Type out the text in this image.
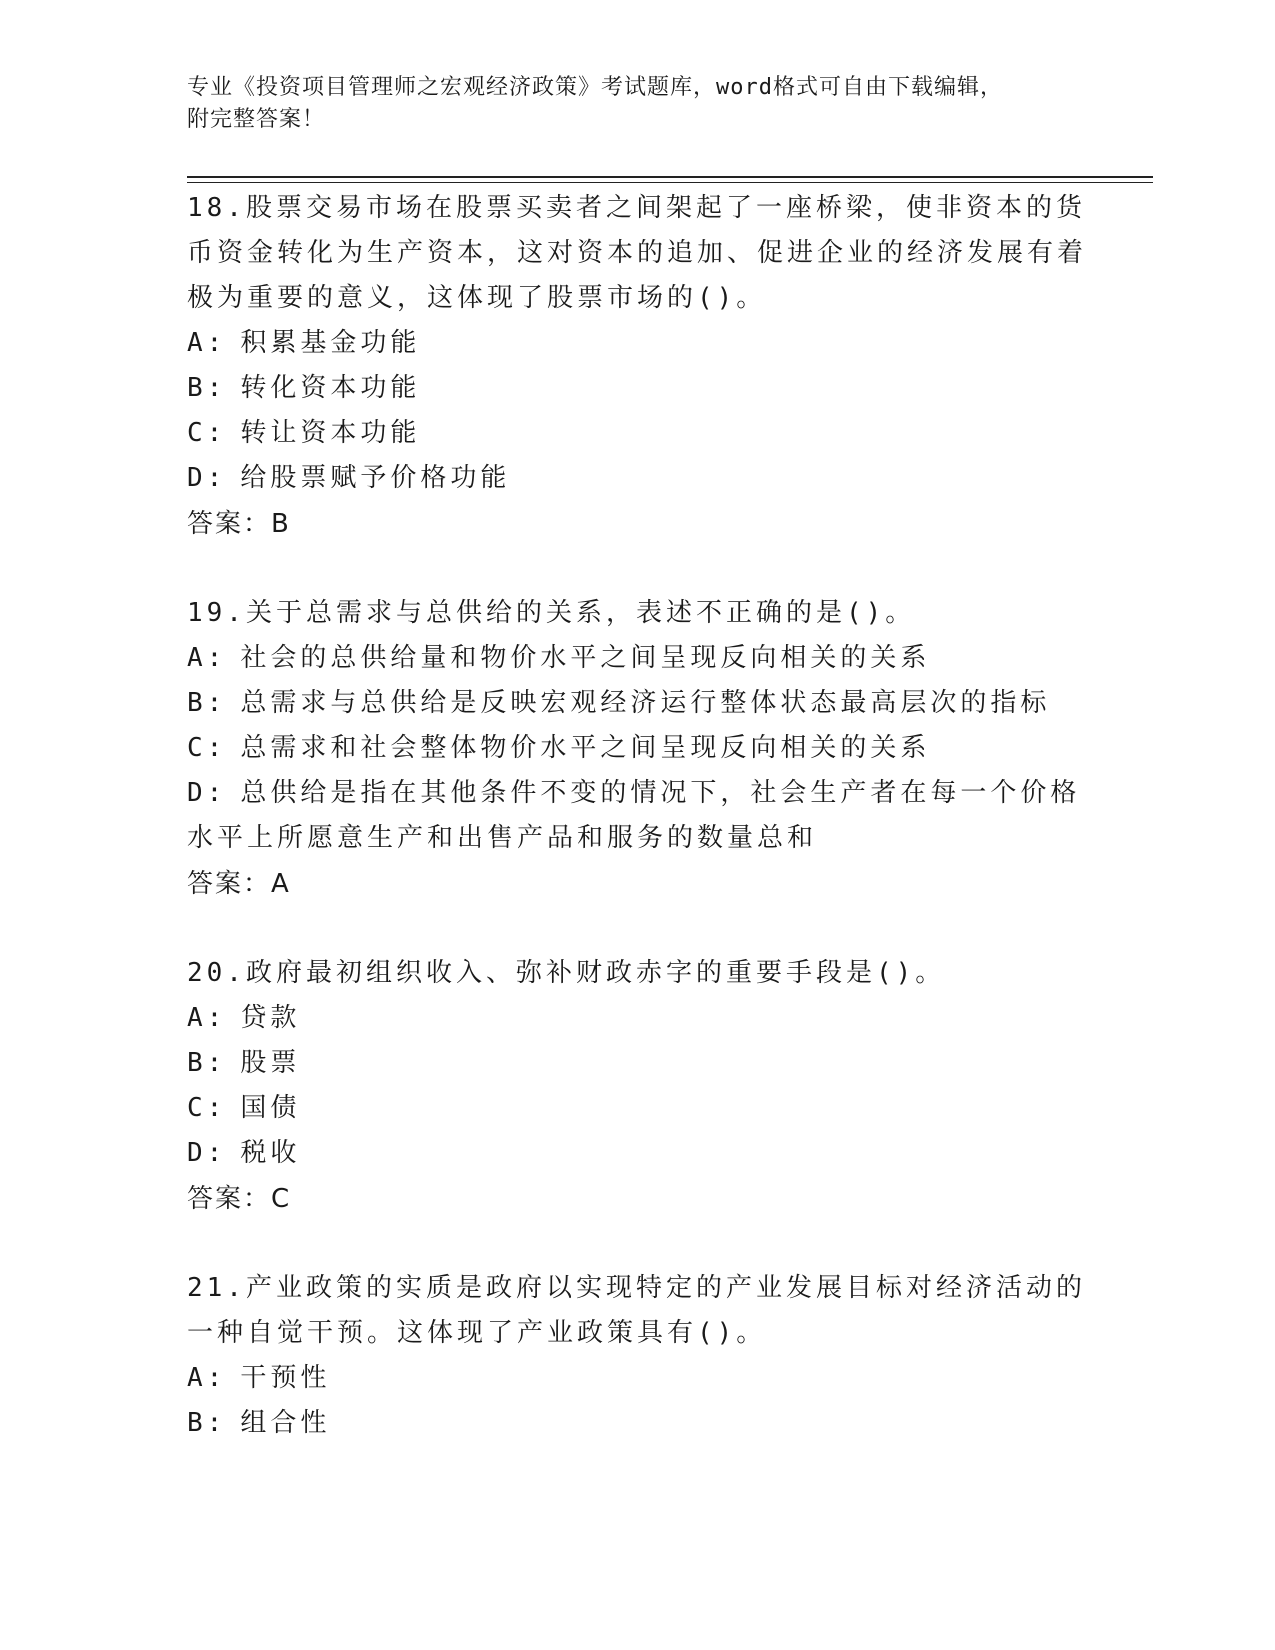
专业《投资项目管理师之宏观经济政策》考试题库，word格式可自由下载编辑，
附完整答案！

18.股票交易市场在股票买卖者之间架起了一座桥梁，使非资本的货币资金转化为生产资本，这对资本的追加、促进企业的经济发展有着极为重要的意义，这体现了股票市场的()。

A: 积累基金功能

B: 转化资本功能

C: 转让资本功能

D: 给股票赋予价格功能

答案：B

19.关于总需求与总供给的关系，表述不正确的是()。

A: 社会的总供给量和物价水平之间呈现反向相关的关系

B: 总需求与总供给是反映宏观经济运行整体状态最高层次的指标

C: 总需求和社会整体物价水平之间呈现反向相关的关系

D: 总供给是指在其他条件不变的情况下，社会生产者在每一个价格水平上所愿意生产和出售产品和服务的数量总和

答案：A

20.政府最初组织收入、弥补财政赤字的重要手段是()。

A: 贷款

B: 股票

C: 国债

D: 税收

答案：C

21.产业政策的实质是政府以实现特定的产业发展目标对经济活动的一种自觉干预。这体现了产业政策具有()。

A: 干预性

B: 组合性
